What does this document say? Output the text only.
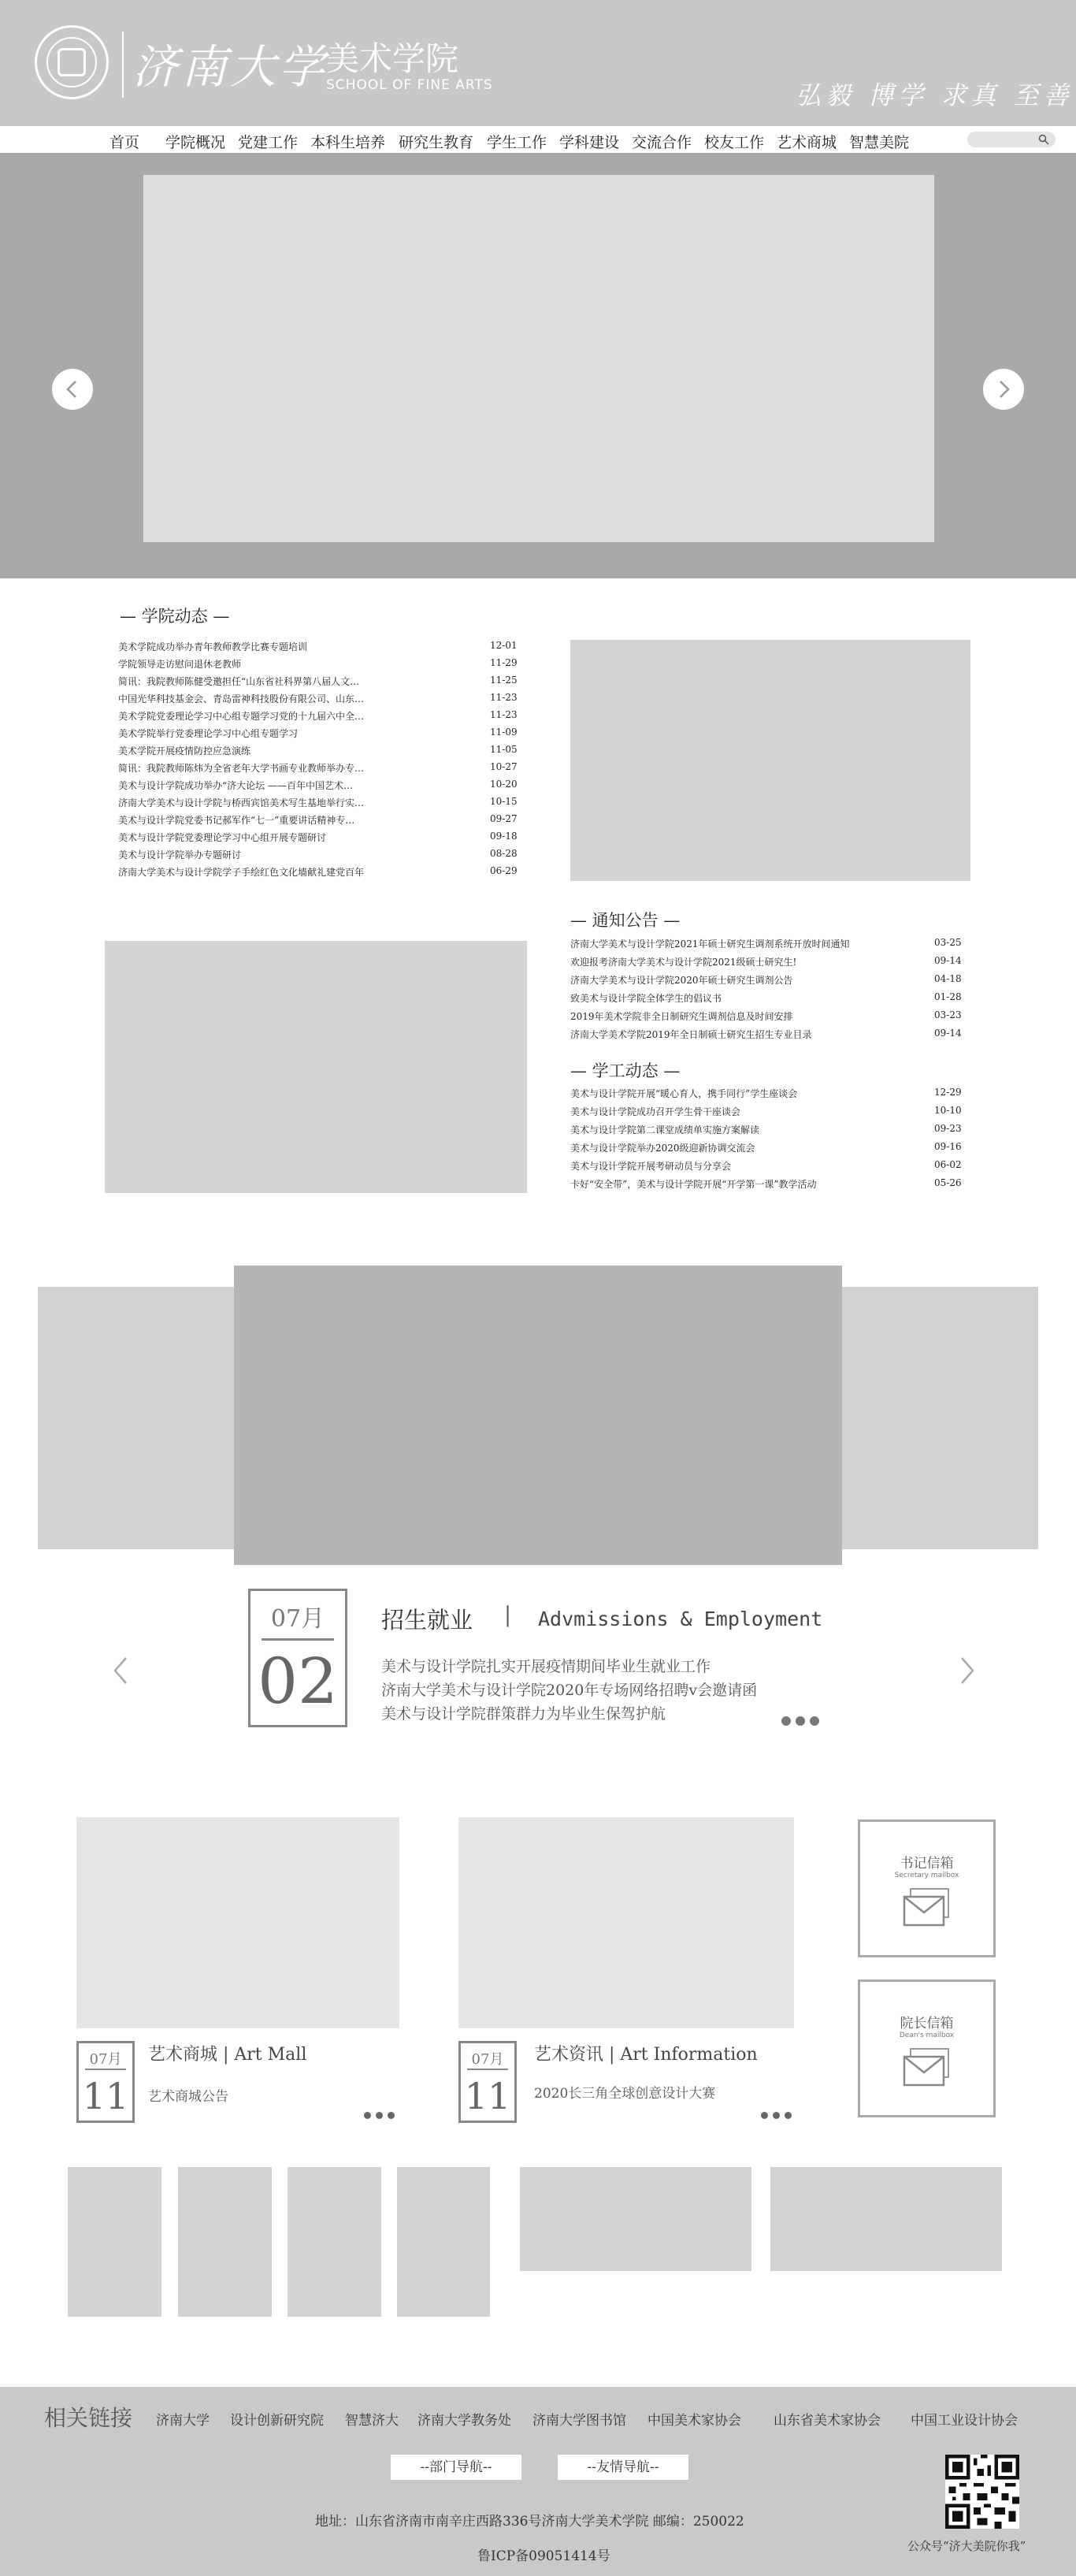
济南大学
美术学院
SCHOOL OF FINE ARTS	弘毅 博学 求真 至善
首页 学院概况 党建工作 本科生培养 研究生教育 学生工作 学科建设 交流合作 校友工作 艺术商城 智慧美院
— 学院动态 —
美术学院成功举办青年教师教学比赛专题培训	12-01
学院领导走访慰问退休老教师	11-29
简讯：我院教师陈健受邀担任“山东省社科界第八届人文…	11-25
中国光华科技基金会、青岛雷神科技股份有限公司、山东…	11-23
美术学院党委理论学习中心组专题学习党的十九届六中全…	11-23
美术学院举行党委理论学习中心组专题学习	11-09
美术学院开展疫情防控应急演练	11-05
简讯：我院教师陈炜为全省老年大学书画专业教师举办专…	10-27
美术与设计学院成功举办“济大论坛 ——百年中国艺术…	10-20
济南大学美术与设计学院与桥西宾馆美术写生基地举行实…	10-15
美术与设计学院党委书记郝军作“七一”重要讲话精神专…	09-27
美术与设计学院党委理论学习中心组开展专题研讨	09-18
美术与设计学院举办专题研讨	08-28
济南大学美术与设计学院学子手绘红色文化墙献礼建党百年	06-29
— 通知公告 —
济南大学美术与设计学院2021年硕士研究生调剂系统开放时间通知	03-25
欢迎报考济南大学美术与设计学院2021级硕士研究生!	09-14
济南大学美术与设计学院2020年硕士研究生调剂公告	04-18
致美术与设计学院全体学生的倡议书	01-28
2019年美术学院非全日制研究生调剂信息及时间安排	03-23
济南大学美术学院2019年全日制硕士研究生招生专业目录	09-14
— 学工动态 —
美术与设计学院开展“暖心育人，携手同行”学生座谈会	12-29
美术与设计学院成功召开学生骨干座谈会	10-10
美术与设计学院第二课堂成绩单实施方案解读	09-23
美术与设计学院举办2020级迎新协调交流会	09-16
美术与设计学院开展考研动员与分享会	06-02
卡好“安全带”，美术与设计学院开展“开学第一课”教学活动	05-26
07月
02
招生就业 | Advmissions & Employment
美术与设计学院扎实开展疫情期间毕业生就业工作
济南大学美术与设计学院2020年专场网络招聘v会邀请函
美术与设计学院群策群力为毕业生保驾护航
07月
11
艺术商城 | Art Mall
艺术商城公告
07月
11
艺术资讯 | Art Information
2020长三角全球创意设计大赛
书记信箱
Secretary mailbox
院长信箱
Dean's mailbox
相关链接 济南大学 设计创新研究院 智慧济大 济南大学教务处 济南大学图书馆 中国美术家协会 山东省美术家协会 中国工业设计协会
--部门导航--	--友情导航--
地址：山东省济南市南辛庄西路336号济南大学美术学院 邮编：250022
鲁ICP备09051414号
公众号“济大美院你我”
